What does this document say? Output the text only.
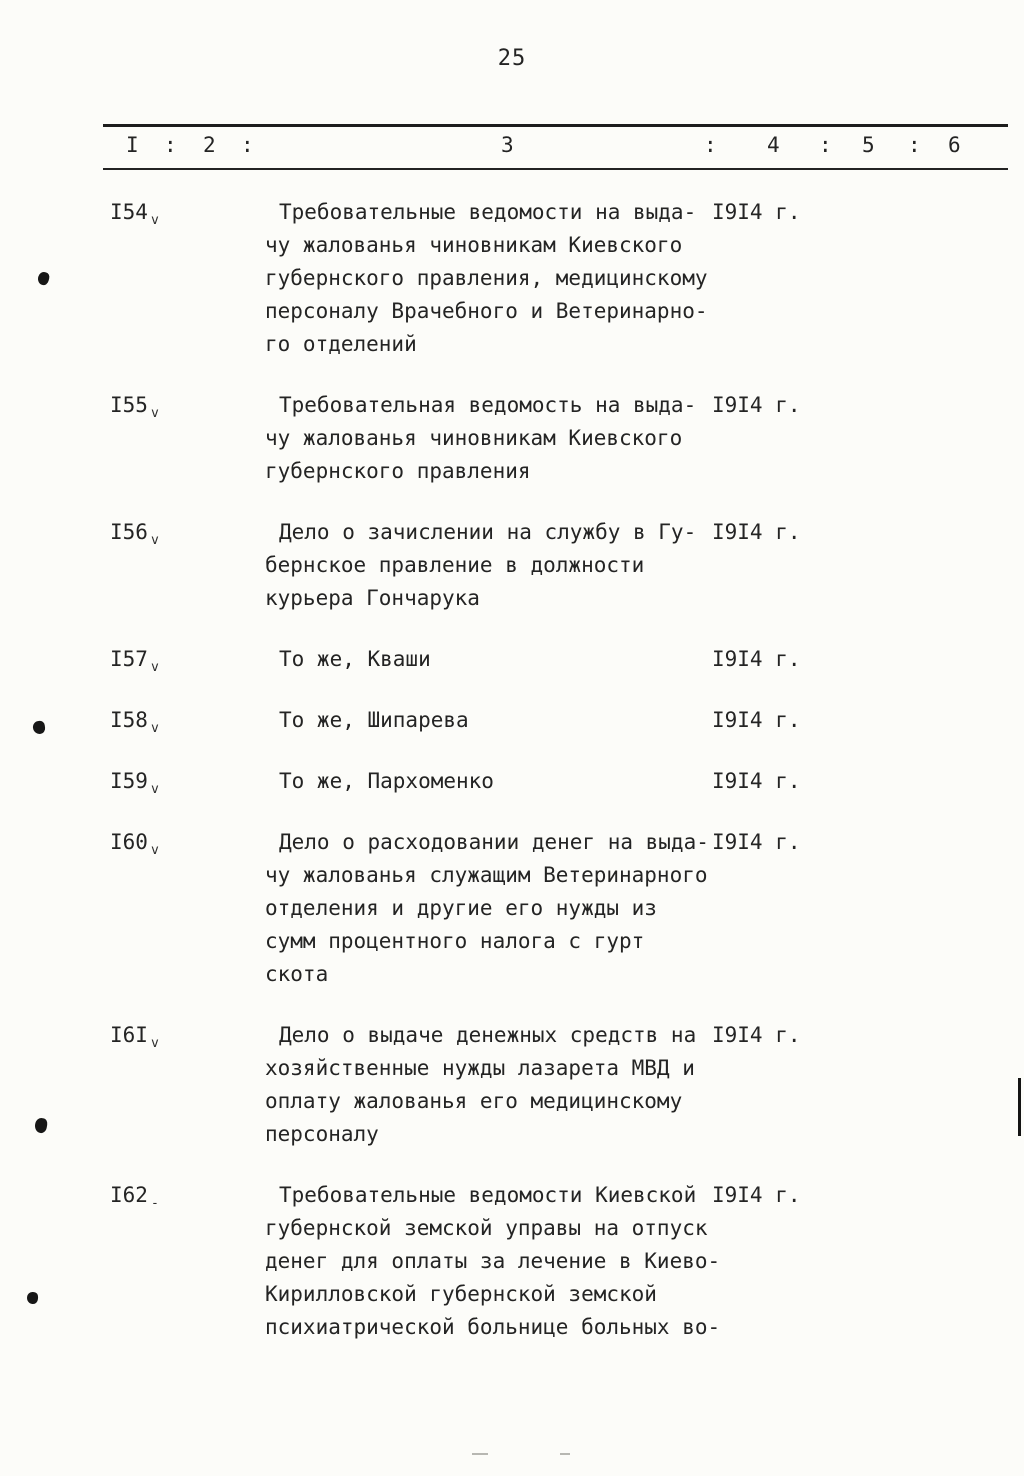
25
I : 2 :	3	: 4 : 5 : 6
I54 v	Требовательные ведомости на выда-
чу жалованья чиновникам Киевского
губернского правления, медицинскому
персоналу Врачебного и Ветеринарно-
го отделений
I9I4 г.
I55 v	Требовательная ведомость на выда-
чу жалованья чиновникам Киевского
губернского правления
I9I4 г.
I56 v	Дело о зачислении на службу в Гу-
бернское правление в должности
курьера Гончарука
I9I4 г.
I57 v	То же, Кваши	I9I4 г.
I58 v	То же, Шипарева	I9I4 г.
I59 v	То же, Пархоменко	I9I4 г.
I60 v	Дело о расходовании денег на выда-
чу жалованья служащим Ветеринарного
отделения и другие его нужды из
сумм процентного налога с гурт
скота
I9I4 г.
I6I v	Дело о выдаче денежных средств на
хозяйственные нужды лазарета МВД и
оплату жалованья его медицинскому
персоналу
I9I4 г.
I62 -	Требовательные ведомости Киевской
губернской земской управы на отпуск
денег для оплаты за лечение в Киево-
Кирилловской губернской земской
психиатрической больнице больных во-
I9I4 г.
